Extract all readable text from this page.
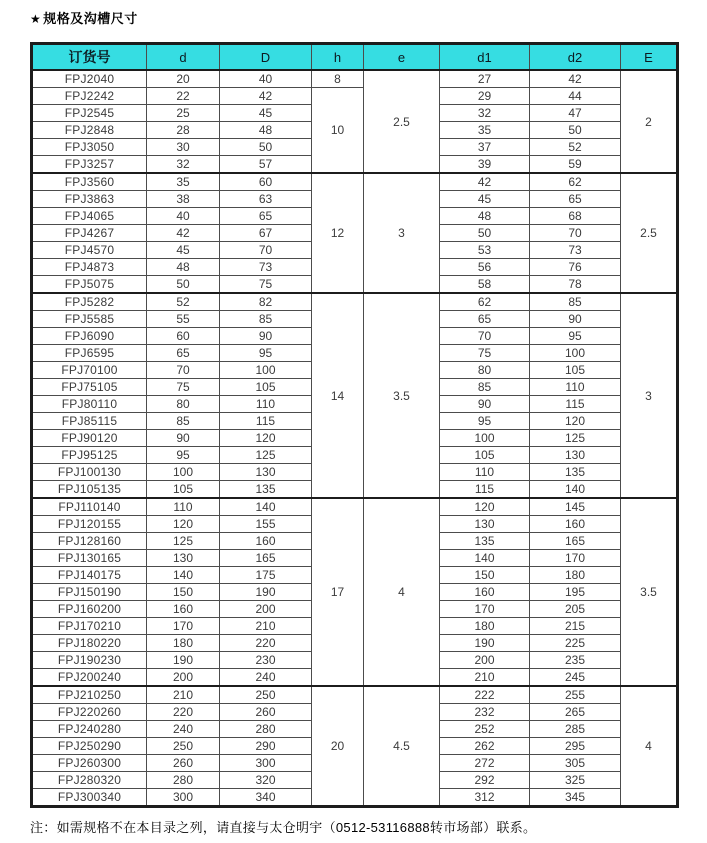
★ 规格及沟槽尺寸
订货号	d	D	h	e	d1	d2	E
FPJ2040	20	40	8	2.5	27	42	2
FPJ2242	22	42	10		29	44	
FPJ2545	25	45			32	47	
FPJ2848	28	48			35	50	
FPJ3050	30	50			37	52	
FPJ3257	32	57			39	59	
FPJ3560	35	60	12	3	42	62	2.5
FPJ3863	38	63			45	65	
FPJ4065	40	65			48	68	
FPJ4267	42	67			50	70	
FPJ4570	45	70			53	73	
FPJ4873	48	73			56	76	
FPJ5075	50	75			58	78	
FPJ5282	52	82	14	3.5	62	85	3
FPJ5585	55	85			65	90	
FPJ6090	60	90			70	95	
FPJ6595	65	95			75	100	
FPJ70100	70	100			80	105	
FPJ75105	75	105			85	110	
FPJ80110	80	110			90	115	
FPJ85115	85	115			95	120	
FPJ90120	90	120			100	125	
FPJ95125	95	125			105	130	
FPJ100130	100	130			110	135	
FPJ105135	105	135			115	140	
FPJ110140	110	140	17	4	120	145	3.5
FPJ120155	120	155			130	160	
FPJ128160	125	160			135	165	
FPJ130165	130	165			140	170	
FPJ140175	140	175			150	180	
FPJ150190	150	190			160	195	
FPJ160200	160	200			170	205	
FPJ170210	170	210			180	215	
FPJ180220	180	220			190	225	
FPJ190230	190	230			200	235	
FPJ200240	200	240			210	245	
FPJ210250	210	250	20	4.5	222	255	4
FPJ220260	220	260			232	265	
FPJ240280	240	280			252	285	
FPJ250290	250	290			262	295	
FPJ260300	260	300			272	305	
FPJ280320	280	320			292	325	
FPJ300340	300	340			312	345	
注：如需规格不在本目录之列，请直接与太仓明宇（0512-53116888转市场部）联系。
